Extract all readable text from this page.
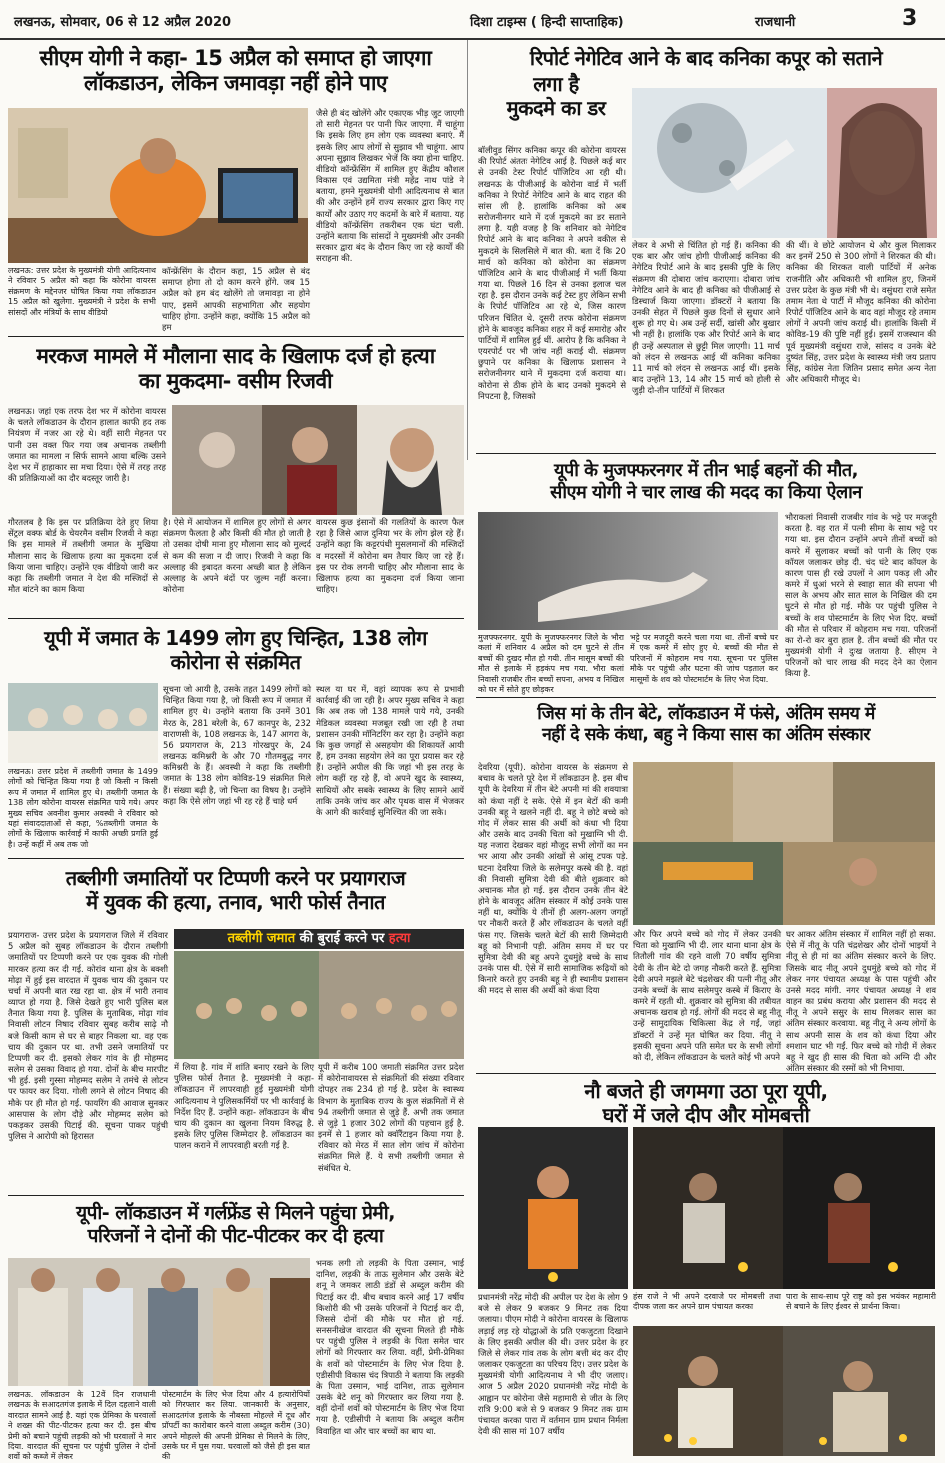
लखनऊ, सोमवार, 06 से 12 अप्रैल 2020	दिशा टाइम्स ( हिन्दी साप्ताहिक)	राजधानी	3
सीएम योगी ने कहा- 15 अप्रैल को समाप्त हो जाएगा
लॉकडाउन, लेकिन जमावड़ा नहीं होने पाए
लखनऊ: उत्तर प्रदेश के मुख्यमंत्री योगी आदित्यनाथ ने रविवार 5 अप्रैल को कहा कि कोरोना वायरस संक्रमण के मद्देनजर घोषित किया गया लॉकडाउन 15 अप्रैल को खुलेगा. मुख्यमंत्री ने प्रदेश के सभी सांसदों और मंत्रियों के साथ वीडियो
कॉन्फ्रेंसिंग के दौरान कहा, 15 अप्रैल से बंद समाप्त होगा तो दो काम करने होंगे. जब 15 अप्रैल को हम बंद खोलेंगे तो जमावड़ा ना होने पाए, इसमें आपकी सहभागिता और सहयोग चाहिए होगा. उन्होंने कहा, क्योंकि 15 अप्रैल को हम
जैसे ही बंद खोलेंगे और एकाएक भीड़ जुट जाएगी तो सारी मेहनत पर पानी फिर जाएगा. मैं चाहूंगा कि इसके लिए हम लोग एक व्यवस्था बनाएं. मैं इसके लिए आप लोगों से सुझाव भी चाहूंगा. आप अपना सुझाव लिखकर भेजें कि क्या होना चाहिए. वीडियो कॉन्फ्रेंसिंग में शामिल हुए केंद्रीय कौशल विकास एवं उद्यमिता मंत्री महेंद्र नाथ पांडे ने बताया, हमने मुख्यमंत्री योगी आदित्यनाथ से बात की और उन्होंने हमें राज्य सरकार द्वारा किए गए कार्यों और उठाए गए कदमों के बारे में बताया. यह वीडियो कॉन्फ्रेंसिंग तकरीबन एक घंटा चली. उन्होंने बताया कि सांसदों ने मुख्यमंत्री और उनकी सरकार द्वारा बंद के दौरान किए जा रहे कार्यों की सराहना की.
रिपोर्ट नेगेटिव आने के बाद कनिका कपूर को सताने
लगा है
मुकदमे का डर
बॉलीवुड सिंगर कनिका कपूर की कोरोना वायरस की रिपोर्ट अंततः नेगेटिव आई है. पिछले कई बार से उनकी टेस्ट रिपोर्ट पॉजिटिव आ रही थी। लखनऊ के पीजीआई के कोरोना वार्ड में भर्ती कनिका ने रिपोर्ट नेगेटिव आने के बाद राहत की सांस ली है. हालांकि कनिका को अब सरोजनीनगर थाने में दर्ज मुकदमे का डर सताने लगा है. यही वजह है कि शनिवार को नेगेटिव रिपोर्ट आने के बाद कनिका ने अपने वकील से मुकदमे के सिलसिले में बात की. बता दें कि 20 मार्च को कनिका को कोरोना का संक्रमण पॉजिटिव आने के बाद पीजीआई में भर्ती किया गया था. पिछले 16 दिन से उनका इलाज चल रहा है. इस दौरान उनके कई टेस्ट हुए लेकिन सभी के रिपोर्ट पॉजिटिव आ रहे थे, जिस कारण परिजन चिंतित थे. दूसरी तरफ कोरोना संक्रमण होने के बावजूद कनिका शहर में कई समारोह और पार्टियों में शामिल हुई थीं. आरोप है कि कनिका ने एयरपोर्ट पर भी जांच नहीं कराई थी. संक्रमण छुपाने पर कनिका के खिलाफ प्रशासन ने सरोजनीनगर थाने में मुकदमा दर्ज कराया था। कोरोना से ठीक होने के बाद उनको मुकदमे से निपटना है, जिसको
लेकर वे अभी से चिंतित हो गई हैं। कनिका की एक बार और जांच होगी पीजीआई कनिका की नेगेटिव रिपोर्ट आने के बाद इसकी पुष्टि के लिए संक्रमण की दोबारा जांच कराएगा। दोबारा जांच नेगेटिव आने के बाद ही कनिका को पीजीआई से डिस्चार्ज किया जाएगा। डॉक्टरों ने बताया कि उनकी सेहत में पिछले कुछ दिनों से सुधार आने शुरू हो गए थे। अब उन्हें सर्दी, खांसी और बुखार भी नहीं है। हालांकि एक और रिपोर्ट आने के बाद ही उन्हें अस्पताल से छुट्टी मिल जाएगी। 11 मार्च को लंदन से लखनऊ आई थीं कनिका कनिका 11 मार्च को लंदन से लखनऊ आई थीं। इसके बाद उन्होंने 13, 14 और 15 मार्च को होली से जुड़ी दो-तीन पार्टियों में शिरकत
की थीं। वे छोटे आयोजन थे और कुल मिलाकर कर इनमें 250 से 300 लोगों ने शिरकत की थी। कनिका की शिरकत वाली पार्टियों में अनेक राजनीति और अधिकारी भी शामिल हुए, जिनमें उत्तर प्रदेश के कुछ मंत्री भी थे। वसुंधरा राजे समेत तमाम नेता थे पार्टी में मौजूद कनिका की कोरोना रिपोर्ट पॉजिटिव आने के बाद वहां मौजूद रहे तमाम लोगों ने अपनी जांच कराई थी। हालांकि किसी में कोविड-19 की पुष्टि नहीं हुई। इसमें राजस्थान की पूर्व मुख्यमंत्री वसुंधरा राजे, सांसद व उनके बेटे दुष्यंत सिंह, उत्तर प्रदेश के स्वास्थ्य मंत्री जय प्रताप सिंह, कांग्रेस नेता जितिन प्रसाद समेत अन्य नेता और अधिकारी मौजूद थे।
मरकज मामले में मौलाना साद के खिलाफ दर्ज हो हत्या
का मुकदमा- वसीम रिजवी
लखनऊ। जहां एक तरफ देश भर में कोरोना वायरस के चलते लॉकडाउन के दौरान हालात काफी हद तक नियंत्रण में नजर आ रहे थे। वहीं सारी मेहनत पर पानी उस वक्त फिर गया जब अचानक तब्लीगी जमात का मामला न सिर्फ सामने आया बल्कि उसने देश भर में हाहाकार सा मचा दिया। ऐसे में तरह तरह की प्रतिक्रियाओं का दौर बदस्तूर जारी है।
गौरतलब है कि इस पर प्रतिक्रिया देते हुए शिया सेंट्रल वक्फ बोर्ड के चेयरमैन वसीम रिजवी ने कहा कि इस मामले में तब्लीगी जमात के मुखिया मौलाना साद के खिलाफ हत्या का मुकदमा दर्ज किया जाना चाहिए। उन्होंने एक वीडियो जारी कर कहा कि तब्लीगी जमात ने देश की मस्जिदों से मौत बांटने का काम किया
है। ऐसे में आयोजन में शामिल हुए लोगों से अगर संक्रमण फैलता है और किसी की मौत हो जाती है तो उसका दोषी माना हुए मौलाना साद को मुल्दर्द से कम की सजा न दी जाए। रिजवी ने कहा कि अल्लाह की इबादत करना अच्छी बात है लेकिन अल्लाह के अपने बंदों पर जुल्म नहीं करना। कोरोना
वायरस कुछ इंसानों की गलतियों के कारण फैल रहा है जिसे आज दुनिया भर के लोग झेल रहे हैं। उन्होंने कहा कि कट्टरपंथी मुसलमानों की मस्जिदों व मदरसों में कोरोना बम तैयार किए जा रहे हैं। इस पर रोक लगनी चाहिए और मौलाना साद के खिलाफ हत्या का मुकदमा दर्ज किया जाना चाहिए।
यूपी में जमात के 1499 लोग हुए चिन्हित, 138 लोग
कोरोना से संक्रमित
लखनऊ। उत्तर प्रदेश में तब्लीगी जमात के 1499 लोगों को चिन्हित किया गया है जो किसी न किसी रूप में जमात में शामिल हुए थे। तब्लीगी जमात के 138 लोग कोरोना वायरस संक्रमित पाये गये। अपर मुख्य सचिव अवनीश कुमार अवस्थी ने रविवार को यहां संवाददाताओं से कहा, %तब्लीगी जमात के लोगों के खिलाफ कार्रवाई में काफी अच्छी प्रगति हुई है। उन्हें कहीं में अब तक जो
सूचना जो आयी है, उसके तहत 1499 लोगों को चिन्हित किया गया है, जो किसी रूप में जमात में शामिल हुए थे। उन्होंने बताया कि उनमें 301 मेरठ के, 281 बरेली के, 67 कानपुर के, 232 वाराणसी के, 108 लखनऊ के, 147 आगरा के, 56 प्रयागराज के, 213 गोरखपुर के, 24 लखनऊ कमिश्नरी के और 70 गौतमबुद्ध नगर कमिश्नरी के हैं। अवस्थी ने कहा कि तब्लीगी जमात के 138 लोग कोविड-19 संक्रमित मिले हैं। संख्या बढ़ी है, जो चिन्ता का विषय है। उन्होंने कहा कि ऐसे लोग जहां भी रह रहे हैं चाहे धर्म
स्थल या घर में, वहां व्यापक रूप से प्रभावी कार्रवाई की जा रही है। अपर मुख्य सचिव ने कहा कि अब तक जो 138 मामले पाये गये, उनकी मेडिकल व्यवस्था मजबूत रखी जा रही है तथा प्रशासन उनकी मॉनिटरिंग कर रहा है। उन्होंने कहा कि कुछ जगहों से असहयोग की शिकायतें आयी हैं, हम उनका सहयोग लेने का पूरा प्रयास कर रहे हैं। उन्होंने अपील की कि जहां भी इस तरह के लोग कहीं रह रहे हैं, वो अपने खुद के स्वास्थ्य, साथियों और सबके स्वास्थ्य के लिए सामने आयें ताकि उनके जांच कर और पृथक वास में भेजकर के आगे की कार्रवाई सुनिश्चित की जा सके।
यूपी के मुजफ्फरनगर में तीन भाई बहनों की मौत,
सीएम योगी ने चार लाख की मदद का किया ऐलान
भौराकलां निवासी राजबीर गांव के भट्टे पर मजदूरी करता है. वह रात में पत्नी सीमा के साथ भट्टे पर गया था. इस दौरान उन्होंने अपने तीनों बच्चों को कमरे में सुलाकर बच्चों को पानी के लिए एक कॉयल जलाकर छोड़ दी. चंद घंटे बाद कॉयल के कारण पास ही रखे उपलों ने आग पकड़ ली और कमरे में धुआं भरने से स्वाहा सात की सपना भी साल के अभय और सात साल के निखिल की दम घुटने से मौत हो गई. मौके पर पहुंची पुलिस ने बच्चों के शव पोस्टमार्टम के लिए भेज दिए. बच्चों की मौत से परिवार में कोहराम मच गया. परिजनों का रो-रो कर बुरा हाल है. तीन बच्चों की मौत पर मुख्यमंत्री योगी ने दुःख जताया है. सीएम ने परिजनों को चार लाख की मदद देने का ऐलान किया है.
मुजफ्फरनगर. यूपी के मुजफ्फरनगर जिले के भौरा कलां में शनिवार 4 अप्रैल को दम घुटने से तीन बच्चों की दुखद मौत हो गयी. तीन मासूम बच्चों की मौत से इलाके में हड़कंप मच गया. भौरा कलां निवासी राजबीर तीन बच्चों सपना, अभय व निखिल को घर में सोते हुए छोड़कर
भट्टे पर मजदूरी करने चला गया था. तीनों बच्चे घर में एक कमरे में सोए हुए थे. बच्चों की मौत से परिजनों में कोहराम मच गया. सूचना पर पुलिस मौके पर पहुंची और घटना की जांच पड़ताल कर मासूमों के शव को पोस्टमार्टम के लिए भेज दिया.
जिस मां के तीन बेटे, लॉकडाउन में फंसे, अंतिम समय में
नहीं दे सके कंधा, बहु ने किया सास का अंतिम संस्कार
देवरिया (यूपी). कोरोना वायरस के संक्रमण से बचाव के चलते पूरे देश में लॉकडाउन है. इस बीच यूपी के देवरिया में तीन बेटे अपनी मां की शवयात्रा को कंधा नहीं दे सके. ऐसे में इन बेटों की कमी उनकी बहू ने खलने नहीं दी. बहू ने छोटे बच्चे को गोद में लेकर सास की अर्थी को कंधा भी दिया और उसके बाद उनकी चिता को मुखाग्नि भी दी. यह नजारा देखकर वहां मौजूद सभी लोगों का मन भर आया और उनकी आंखों से आंसू टपक पड़े. घटना देवरिया जिले के सलेमपुर कस्बे की है. वहां की निवासी सुमित्रा देवी की बीते शुक्रवार को अचानक मौत हो गई. इस दौरान उनके तीन बेटे होने के बावजूद अंतिम संस्कार में कोई उनके पास नहीं था, क्योंकि ये तीनों ही अलग-अलग जगहों पर नौकरी करते हैं और लॉकडाउन के चलते वहीं फंस गए. जिसके चलते बेटों की सारी जिम्मेदारी बहू को निभानी पड़ी. अंतिम समय में घर पर सुमित्रा देवी की बहू अपने दुधमुंहे बच्चे के साथ उनके पास थी. ऐसे में सारी सामाजिक रूढ़ियों को किनारे करते हुए उनकी बहू ने ही स्थानीय प्रशासन की मदद से सास की अर्थी को कंधा दिया
और फिर अपने बच्चे को गोद में लेकर उनकी चिता को मुखाग्नि भी दी. लार थाना थाना क्षेत्र के तितौली गांव की रहने वाली 70 वर्षीय सुमित्रा देवी के तीन बेटे दो जगह नौकरी करते हैं. सुमित्रा देवी अपने मझले बेटे चंद्रशेखर की पत्नी नीतू और उनके बच्चों के साथ सलेमपुर कस्बे में किराए के कमरे में रहती थी. शुक्रवार को सुमित्रा की तबीयत अचानक खराब हो गई. लोगों की मदद से बहू नीतू उन्हें सामुदायिक चिकित्सा केंद्र ले गईं, जहां डॉक्टरों ने उन्हें मृत घोषित कर दिया. नीतू ने इसकी सूचना अपने पति समेत घर के सभी लोगों को दी, लेकिन लॉकडाउन के चलते कोई भी अपने
घर आकर अंतिम संस्कार में शामिल नहीं हो सका. ऐसे में नीतू के पति चंद्रशेखर और दोनों भाइयों ने नीतू से ही मां का अंतिम संस्कार करने के लिए. जिसके बाद नीतू अपने दुधमुंहे बच्चे को गोद में लेकर नगर पंचायत अध्यक्ष के पास पहुंची और उनसे मदद मांगी. नगर पंचायत अध्यक्ष ने शव वाहन का प्रबंध कराया और प्रशासन की मदद से नीतू ने अपने ससुर के साथ मिलकर सास का अंतिम संस्कार करवाया. बहू नीतू ने अन्य लोगों के साथ अपनी सास के शव को कंधा दिया और श्मशान घाट भी गईं. फिर बच्चे को गोदी में लेकर बहू ने खुद ही सास की चिता को अग्नि दी और अंतिम संस्कार की रस्मों को भी निभाया.
तब्लीगी जमातियों पर टिप्पणी करने पर प्रयागराज
में युवक की हत्या, तनाव, भारी फोर्स तैनात
प्रयागराज- उत्तर प्रदेश के प्रयागराज जिले में रविवार 5 अप्रैल को सुबह लॉकडाउन के दौरान तब्लीगी जमातियों पर टिप्पणी करने पर एक युवक की गोली मारकर हत्या कर दी गई. कोरांव थाना क्षेत्र के बक्शी मोढ़ा में हुई इस वारदात में युवक चाय की दुकान पर चर्चा में अपनी बात रख रहा था. क्षेत्र में भारी तनाव व्याप्त हो गया है. जिसे देखते हुए भारी पुलिस बल तैनात किया गया है. पुलिस के मुताबिक, मोढ़ा गांव निवासी लोटन निषाद रविवार सुबह करीब साढ़े नौ बजे किसी काम से घर से बाहर निकला था. वह एक चाय की दुकान पर था. तभी उसने जमातियों पर टिप्पणी कर दी. इसको लेकर गांव के ही मोहम्मद सलेम से उसका विवाद हो गया. दोनों के बीच मारपीट भी हुई. इसी गुस्सा मोहम्मद सलेम ने तमंचे से लोटन पर फायर कर दिया. गोली लगने से लोटन निषाद की मौके पर ही मौत हो गई. फायरिंग की आवाज सुनकर आसपास के लोग दौड़े और मोहम्मद सलेम को पकड़कर उसकी पिटाई की. सूचना पाकर पहुंची पुलिस ने आरोपी को हिरासत
तब्लीगी जमात की बुराई करने पर हत्या
में लिया है. गांव में शांति बनाए रखने के लिए पुलिस फोर्स तैनात है. मुख्यमंत्री ने कहा- लॉकडाउन में लापरवाही हुई मुख्यमंत्री योगी आदित्यनाथ ने पुलिसकर्मियों पर भी कार्रवाई के निर्देश दिए हैं. उन्होंने कहा- लॉकडाउन के बीच चाय की दुकान का खुलना नियम विरुद्ध है. इसके लिए पुलिस जिम्मेदार है. लॉकडाउन का पालन कराने में लापरवाही बरती गई है.
यूपी में करीब 100 जमाती संक्रमित उत्तर प्रदेश में कोरोनावायरस से संक्रमितों की संख्या रविवार दोपहर तक 234 हो गई है. प्रदेश के स्वास्थ्य विभाग के मुताबिक राज्य के कुल संक्रमितों में से 94 तब्लीगी जमात से जुड़े हैं. अभी तक जमात से जुड़े 1 हजार 302 लोगों की पहचान हुई है. इनमें से 1 हजार को क्वॉरैंटाइन किया गया है. रविवार को मेरठ में सात लोग जांच में कोरोना संक्रमित मिले हैं. ये सभी तब्लीगी जमात से संबंधित थे.
यूपी- लॉकडाउन में गर्लफ्रेंड से मिलने पहुंचा प्रेमी,
परिजनों ने दोनों की पीट-पीटकर कर दी हत्या
लखनऊ. लॉकडाउन के 12वें दिन राजधानी लखनऊ के सआदतगंज इलाके में दिल दहलाने वाली वारदात सामने आई है. यहां एक प्रेमिका के घरवालों ने शख्स की पीट-पीटकर हत्या कर दी. इस बीच प्रेमी को बचाने पहुंची लड़की को भी घरवालों ने मार दिया. वारदात की सूचना पर पहुंची पुलिस ने दोनों शवों को कब्जे में लेकर
पोस्टमार्टम के लिए भेज दिया और 4 हत्यारोपियों को गिरफ्तार कर लिया. जानकारी के अनुसार, सआदतगंज इलाके के नौबस्ता मोहल्ले में दूध और प्रॉपर्टी का कारोबार करने वाला अब्दुल करीम (30) अपने मोहल्ले की अपनी प्रेमिका से मिलने के लिए, उसके घर में घुस गया. घरवालों को जैसे ही इस बात की
भनक लगी तो लड़की के पिता उस्मान, भाई दानिश, लड़की के ताऊ सुलेमान और उसके बेटे शनू ने जमकर लाठी डंडों से अब्दुल करीम की पिटाई कर दी. बीच बचाव करने आई 17 वर्षीय किशोरी की भी उसके परिजनों ने पिटाई कर दी, जिससे दोनों की मौके पर मौत हो गई. सनसनीखेज वारदात की सूचना मिलते ही मौके पर पहुंची पुलिस ने लड़की के पिता समेत चार लोगों को गिरफ्तार कर लिया. वहीं, प्रेमी-प्रेमिका के शवों को पोस्टमार्टम के लिए भेज दिया है. एडीसीपी विकास चंद त्रिपाठी ने बताया कि लड़की के पिता उस्मान, भाई दानिश, ताऊ सुलेमान उसके बेटे शनू को गिरफ्तार कर लिया गया है. वहीं दोनों शवों को पोस्टमार्टम के लिए भेज दिया गया है. एडीसीपी ने बताया कि अब्दुल करीम विवाहित था और चार बच्चों का बाप था.
नौ बजते ही जगमगा उठा पूरा यूपी,
घरों में जले दीप और मोमबत्ती
प्रधानमंत्री नरेंद्र मोदी की अपील पर देश के लोग 9 बजे से लेकर 9 बजकर 9 मिनट तक दिया जलाया। पीएम मोदी ने कोरोना वायरस के खिलाफ लड़ाई लड़ रहे योद्धाओं के प्रति एकजुटता दिखाने के लिए इसकी अपील की थी। उत्तर प्रदेश के हर जिले से लेकर गांव तक के लोग बत्ती बंद कर दीए जलाकर एकजुटता का परिचय दिए। उत्तर प्रदेश के मुख्यमंत्री योगी आदित्यनाथ ने भी दीए जलाए। आज 5 अप्रैल 2020 प्रधानमंत्री नरेंद्र मोदी के आह्वान पर कोरोना जैसे महामारी से जीत के लिए रात्रि 9:00 बजे से 9 बजकर 9 मिनट तक ग्राम पंचायत करका पारा में वर्तमान ग्राम प्रधान निर्मला देवी की सास मां 107 वर्षीय
हंस राजे ने भी अपने दरवाजे पर मोमबत्ती तथा दीपक जला कर अपने ग्राम पंचायत करका
पारा के साथ-साथ पूरे राष्ट्र को इस भयंकर महामारी से बचाने के लिए ईश्वर से प्रार्थना किया।
